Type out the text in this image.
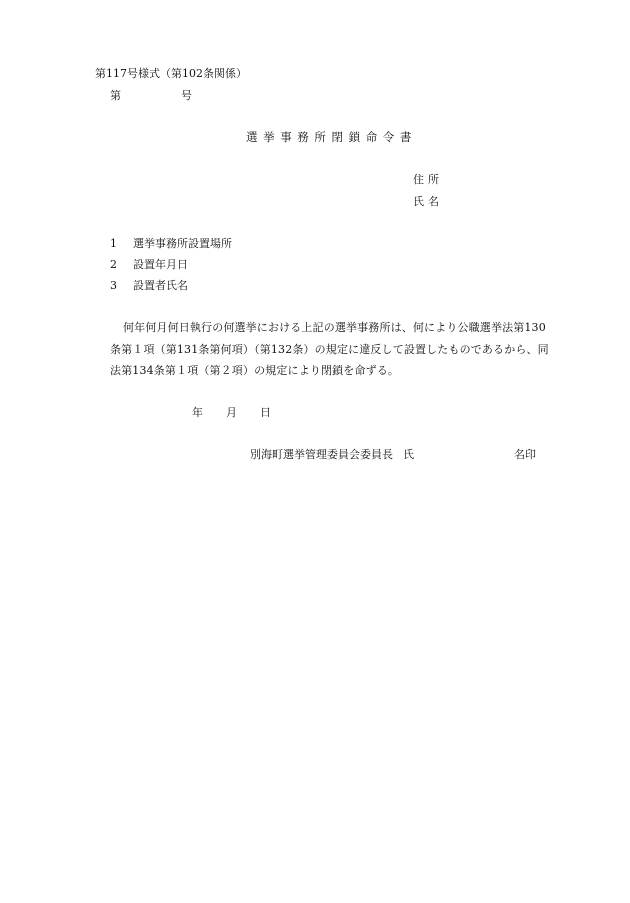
第117号様式（第102条関係）
第	号
選挙事務所閉鎖命令書
住所
氏名
1 選挙事務所設置場所
2 設置年月日
3 設置者氏名
何年何月何日執行の何選挙における上記の選挙事務所は、何により公職選挙法第130
条第１項（第131条第何項）（第132条）の規定に違反して設置したものであるから、同
法第134条第１項（第２項）の規定により閉鎖を命ずる。
年 月 日
別海町選挙管理委員会委員長 氏	名印
